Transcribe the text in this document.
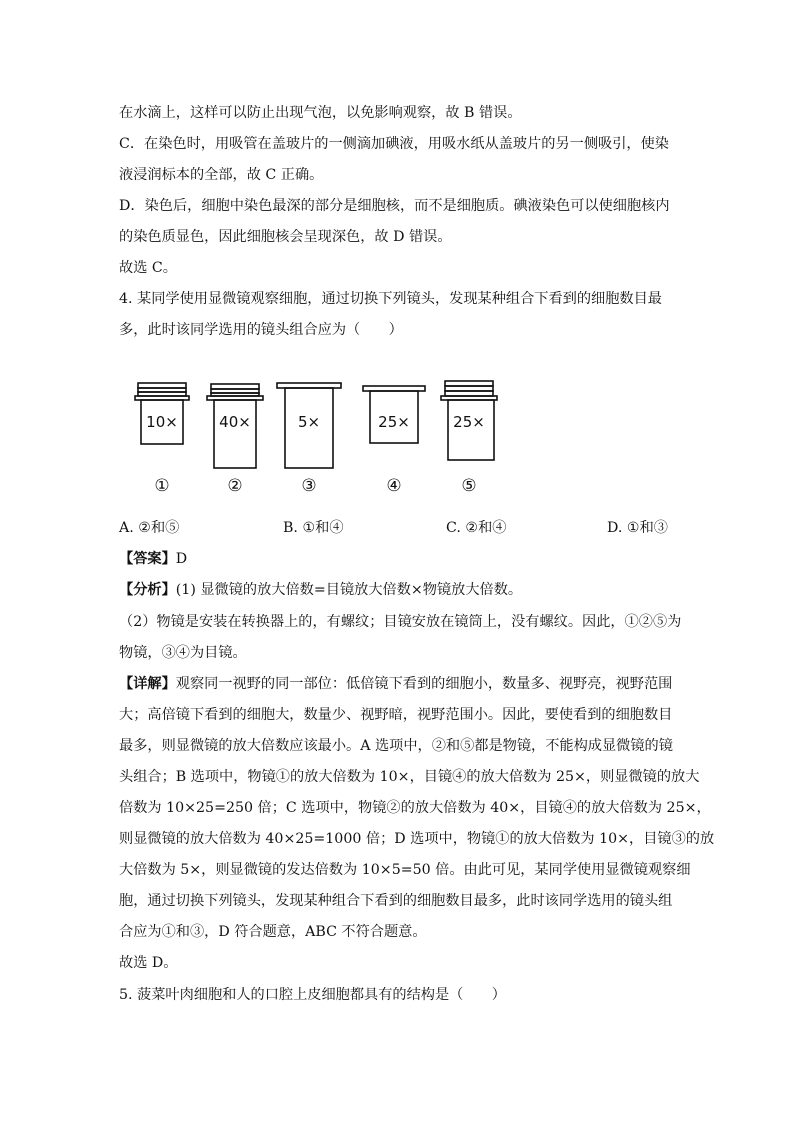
在水滴上，这样可以防止出现气泡，以免影响观察，故 B 错误。
C．在染色时，用吸管在盖玻片的一侧滴加碘液，用吸水纸从盖玻片的另一侧吸引，使染
液浸润标本的全部，故 C 正确。
D．染色后，细胞中染色最深的部分是细胞核，而不是细胞质。碘液染色可以使细胞核内
的染色质显色，因此细胞核会呈现深色，故 D 错误。
故选 C。
4. 某同学使用显微镜观察细胞，通过切换下列镜头，发现某种组合下看到的细胞数目最
多，此时该同学选用的镜头组合应为（　　）
10×
①
40×
②
5×
③
25×
④
25×
⑤
A. ②和⑤	B. ①和④	C. ②和④	D. ①和③
【答案】D
【分析】(1) 显微镜的放大倍数=目镜放大倍数×物镜放大倍数。
（2）物镜是安装在转换器上的，有螺纹；目镜安放在镜筒上，没有螺纹。因此，①②⑤为
物镜，③④为目镜。
【详解】观察同一视野的同一部位：低倍镜下看到的细胞小，数量多、视野亮，视野范围
大；高倍镜下看到的细胞大，数量少、视野暗，视野范围小。因此，要使看到的细胞数目
最多，则显微镜的放大倍数应该最小。A 选项中，②和⑤都是物镜，不能构成显微镜的镜
头组合；B 选项中，物镜①的放大倍数为 10×，目镜④的放大倍数为 25×，则显微镜的放大
倍数为 10×25=250 倍；C 选项中，物镜②的放大倍数为 40×，目镜④的放大倍数为 25×，
则显微镜的放大倍数为 40×25=1000 倍；D 选项中，物镜①的放大倍数为 10×，目镜③的放
大倍数为 5×，则显微镜的发达倍数为 10×5=50 倍。由此可见，某同学使用显微镜观察细
胞，通过切换下列镜头，发现某种组合下看到的细胞数目最多，此时该同学选用的镜头组
合应为①和③，D 符合题意，ABC 不符合题意。
故选 D。
5. 菠菜叶肉细胞和人的口腔上皮细胞都具有的结构是（　　）
